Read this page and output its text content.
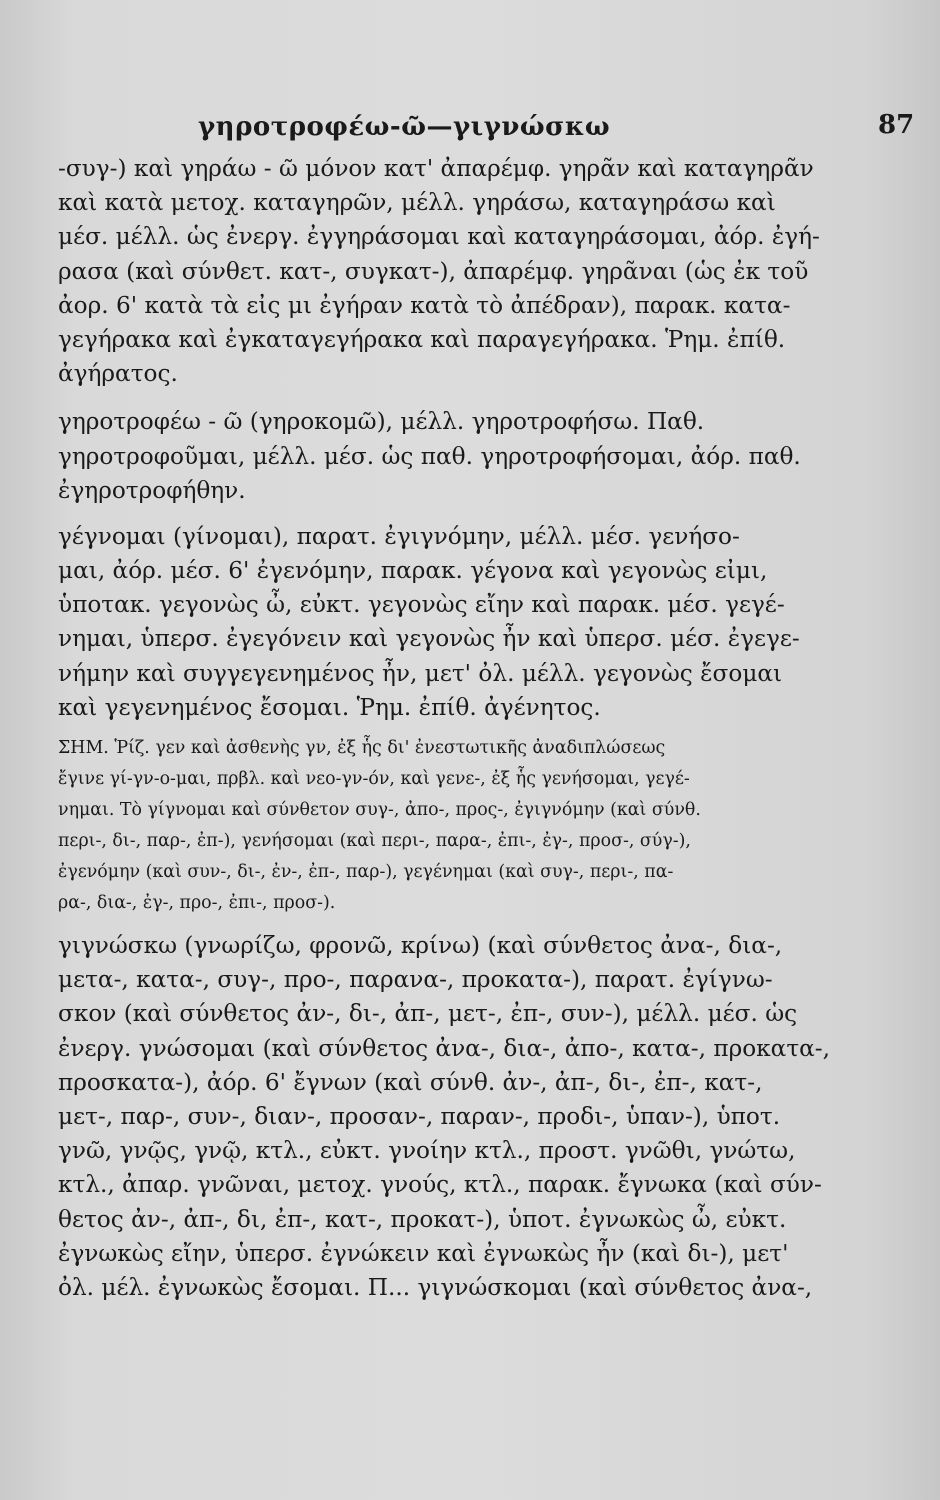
γηροτροφέω-ῶ—γιγνώσκω	87
-συγ-) καὶ γηράω - ῶ μόνον κατ' ἀπαρέμφ. γηρᾶν καὶ καταγηρᾶν
καὶ κατὰ μετοχ. καταγηρῶν, μέλλ. γηράσω, καταγηράσω καὶ
μέσ. μέλλ. ὡς ἐνεργ. ἐγγηράσομαι καὶ καταγηράσομαι, ἀόρ. ἐγή-
ρασα (καὶ σύνθετ. κατ-, συγκατ-), ἀπαρέμφ. γηρᾶναι (ὡς ἐκ τοῦ
ἀορ. 6' κατὰ τὰ εἰς μι ἐγήραν κατὰ τὸ ἀπέδραν), παρακ. κατα-
γεγήρακα καὶ ἐγκαταγεγήρακα καὶ παραγεγήρακα. Ῥημ. ἐπίθ.
ἀγήρατος.
γηροτροφέω - ῶ (γηροκομῶ), μέλλ. γηροτροφήσω. Παθ.
γηροτροφοῦμαι, μέλλ. μέσ. ὡς παθ. γηροτροφήσομαι, ἀόρ. παθ.
ἐγηροτροφήθην.
γέγνομαι (γίνομαι), παρατ. ἐγιγνόμην, μέλλ. μέσ. γενήσο-
μαι, ἀόρ. μέσ. 6' ἐγενόμην, παρακ. γέγονα καὶ γεγονὼς εἰμι,
ὑποτακ. γεγονὼς ὦ, εὐκτ. γεγονὼς εἴην καὶ παρακ. μέσ. γεγέ-
νημαι, ὑπερσ. ἐγεγόνειν καὶ γεγονὼς ἦν καὶ ὑπερσ. μέσ. ἐγεγε-
νήμην καὶ συγγεγενημένος ἦν, μετ' ὀλ. μέλλ. γεγονὼς ἔσομαι
καὶ γεγενημένος ἔσομαι. Ῥημ. ἐπίθ. ἀγένητος.
ΣΗΜ. Ῥίζ. γεν καὶ ἀσθενὴς γν, ἐξ ἧς δι' ἐνεστωτικῆς ἀναδιπλώσεως
ἔγινε γί-γν-ο-μαι, πρβλ. καὶ νεο-γν-όν, καὶ γενε-, ἐξ ἧς γενήσομαι, γεγέ-
νημαι. Τὸ γίγνομαι καὶ σύνθετον συγ-, ἀπο-, προς-, ἐγιγνόμην (καὶ σύνθ.
περι-, δι-, παρ-, ἐπ-), γενήσομαι (καὶ περι-, παρα-, ἐπι-, ἐγ-, προσ-, σύγ-),
ἐγενόμην (καὶ συν-, δι-, ἐν-, ἐπ-, παρ-), γεγένημαι (καὶ συγ-, περι-, πα-
ρα-, δια-, ἐγ-, προ-, ἐπι-, προσ-).
γιγνώσκω (γνωρίζω, φρονῶ, κρίνω) (καὶ σύνθετος ἀνα-, δια-,
μετα-, κατα-, συγ-, προ-, παρανα-, προκατα-), παρατ. ἐγίγνω-
σκον (καὶ σύνθετος ἀν-, δι-, ἀπ-, μετ-, ἐπ-, συν-), μέλλ. μέσ. ὡς
ἐνεργ. γνώσομαι (καὶ σύνθετος ἀνα-, δια-, ἀπο-, κατα-, προκατα-,
προσκατα-), ἀόρ. 6' ἔγνων (καὶ σύνθ. ἀν-, ἀπ-, δι-, ἐπ-, κατ-,
μετ-, παρ-, συν-, διαν-, προσαν-, παραν-, προδι-, ὑπαν-), ὑποτ.
γνῶ, γνῷς, γνῷ, κτλ., εὐκτ. γνοίην κτλ., προστ. γνῶθι, γνώτω,
κτλ., ἀπαρ. γνῶναι, μετοχ. γνούς, κτλ., παρακ. ἔγνωκα (καὶ σύν-
θετος ἀν-, ἀπ-, δι, ἐπ-, κατ-, προκατ-), ὑποτ. ἐγνωκὼς ὦ, εὐκτ.
ἐγνωκὼς εἴην, ὑπερσ. ἐγνώκειν καὶ ἐγνωκὼς ἦν (καὶ δι-), μετ'
ὀλ. μέλ. ἐγνωκὼς ἔσομαι. Π... γιγνώσκομαι (καὶ σύνθετος ἀνα-,
